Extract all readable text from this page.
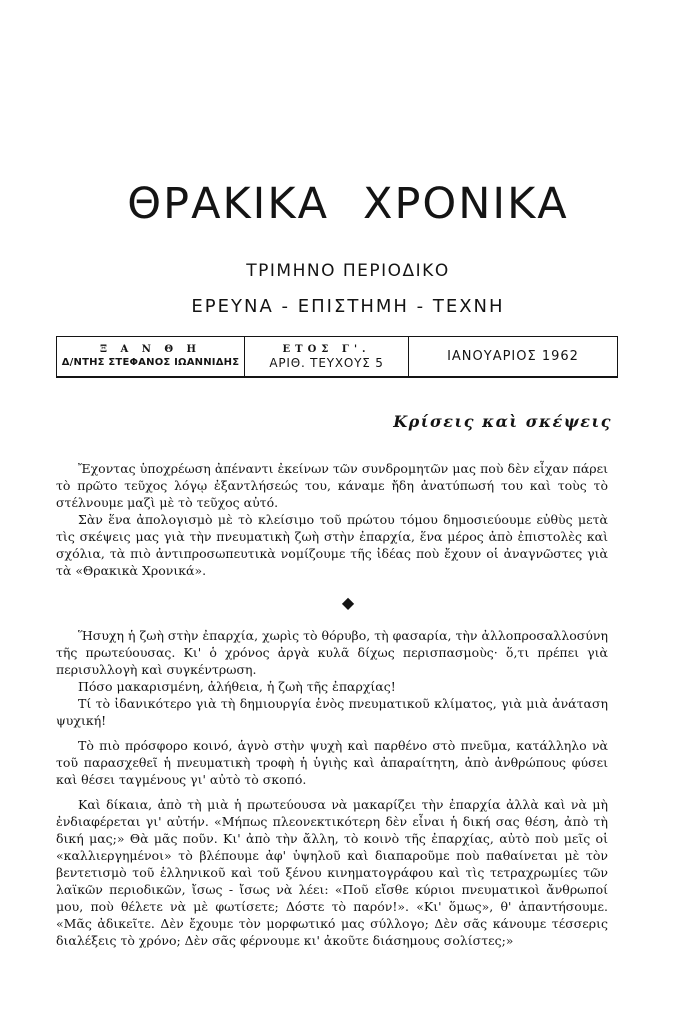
ΘΡΑΚΙΚΑ ΧΡΟΝΙΚΑ
ΤΡΙΜΗΝΟ ΠΕΡΙΟΔΙΚΟ
ΕΡΕΥΝΑ - ΕΠΙΣΤΗΜΗ - ΤΕΧΝΗ
Ξ Α Ν Θ Η
Δ/ΝΤΗΣ ΣΤΕΦΑΝΟΣ ΙΩΑΝΝΙΔΗΣ
ΕΤΟΣ Γ'.
ΑΡΙΘ. ΤΕΥΧΟΥΣ 5	ΙΑΝΟΥΑΡΙΟΣ 1962
Κρίσεις καὶ σκέψεις

Ἔχοντας ὑποχρέωση ἀπέναντι ἐκείνων τῶν συνδρομητῶν μας ποὺ δὲν εἶχαν πάρει τὸ πρῶτο τεῦχος λόγῳ ἐξαντλήσεώς του, κάναμε ἤδη ἀνατύπωσή του καὶ τοὺς τὸ στέλνουμε μαζὶ μὲ τὸ τεῦχος αὐτό.

Σὰν ἕνα ἀπολογισμὸ μὲ τὸ κλείσιμο τοῦ πρώτου τόμου δημοσιεύουμε εὐθὺς μετὰ τὶς σκέψεις μας γιὰ τὴν πνευματικὴ ζωὴ στὴν ἐπαρχία, ἕνα μέρος ἀπὸ ἐπιστολὲς καὶ σχόλια, τὰ πιὸ ἀντιπροσωπευτικὰ νομίζουμε τῆς ἰδέας ποὺ ἔχουν οἱ ἀναγνῶστες γιὰ τὰ «Θρακικὰ Χρονικά».

◆

Ἥσυχη ἡ ζωὴ στὴν ἐπαρχία, χωρὶς τὸ θόρυβο, τὴ φασαρία, τὴν ἀλλοπροσαλλοσύνη τῆς πρωτεύουσας. Κι' ὁ χρόνος ἀργὰ κυλᾶ δίχως περισπασμοὺς· ὅ,τι πρέπει γιὰ περισυλλογὴ καὶ συγκέντρωση.

Πόσο μακαρισμένη, ἀλήθεια, ἡ ζωὴ τῆς ἐπαρχίας!

Τί τὸ ἰδανικότερο γιὰ τὴ δημιουργία ἑνὸς πνευματικοῦ κλίματος, γιὰ μιὰ ἀνάταση ψυχική!

Τὸ πιὸ πρόσφορο κοινό, ἁγνὸ στὴν ψυχὴ καὶ παρθένο στὸ πνεῦμα, κατάλληλο νὰ τοῦ παρασχεθεῖ ἡ πνευματικὴ τροφὴ ἡ ὑγιὴς καὶ ἀπαραίτητη, ἀπὸ ἀνθρώπους φύσει καὶ θέσει ταγμένους γι' αὐτὸ τὸ σκοπό.

Καὶ δίκαια, ἀπὸ τὴ μιὰ ἡ πρωτεύουσα νὰ μακαρίζει τὴν ἐπαρχία ἀλλὰ καὶ νὰ μὴ ἐνδιαφέρεται γι' αὐτήν. «Μήπως πλεονεκτικότερη δὲν εἶναι ἡ δική σας θέση, ἀπὸ τὴ δική μας;» Θὰ μᾶς ποῦν. Κι' ἀπὸ τὴν ἄλλη, τὸ κοινὸ τῆς ἐπαρχίας, αὐτὸ ποὺ μεῖς οἱ «καλλιεργημένοι» τὸ βλέπουμε ἀφ' ὑψηλοῦ καὶ διαπαροῦμε ποὺ παθαίνεται μὲ τὸν βεντετισμὸ τοῦ ἑλληνικοῦ καὶ τοῦ ξένου κινηματογράφου καὶ τὶς τετραχρωμίες τῶν λαϊκῶν περιοδικῶν, ἴσως - ἴσως νὰ λέει: «Ποῦ εἴσθε κύριοι πνευματικοὶ ἄνθρωποί μου, ποὺ θέλετε νὰ μὲ φωτίσετε; Δόστε τὸ παρόν!». «Κι' ὅμως», θ' ἀπαντήσουμε. «Μᾶς ἀδικεῖτε. Δὲν ἔχουμε τὸν μορφωτικό μας σύλλογο; Δὲν σᾶς κάνουμε τέσσερις διαλέξεις τὸ χρόνο; Δὲν σᾶς φέρνουμε κι' ἀκοῦτε διάσημους σολίστες;»
